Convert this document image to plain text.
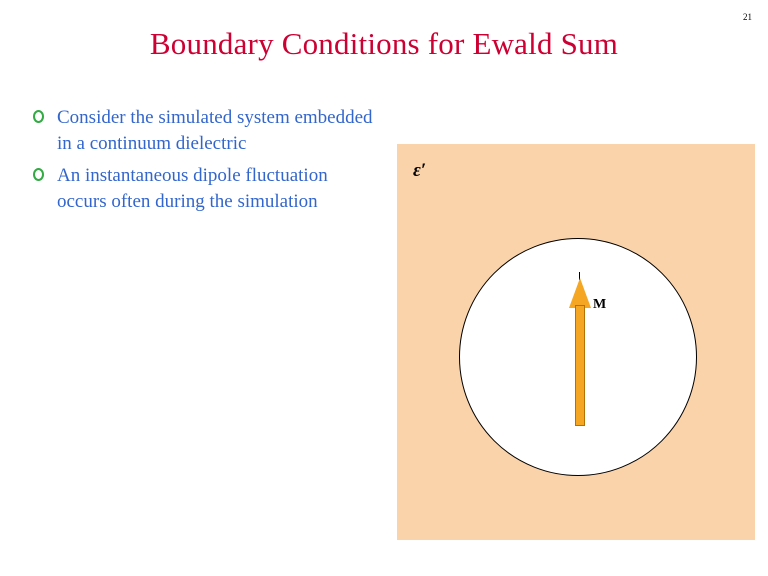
21
Boundary Conditions for Ewald Sum
Consider the simulated system embedded in a continuum dielectric
An instantaneous dipole fluctuation occurs often during the simulation
ε′
M
